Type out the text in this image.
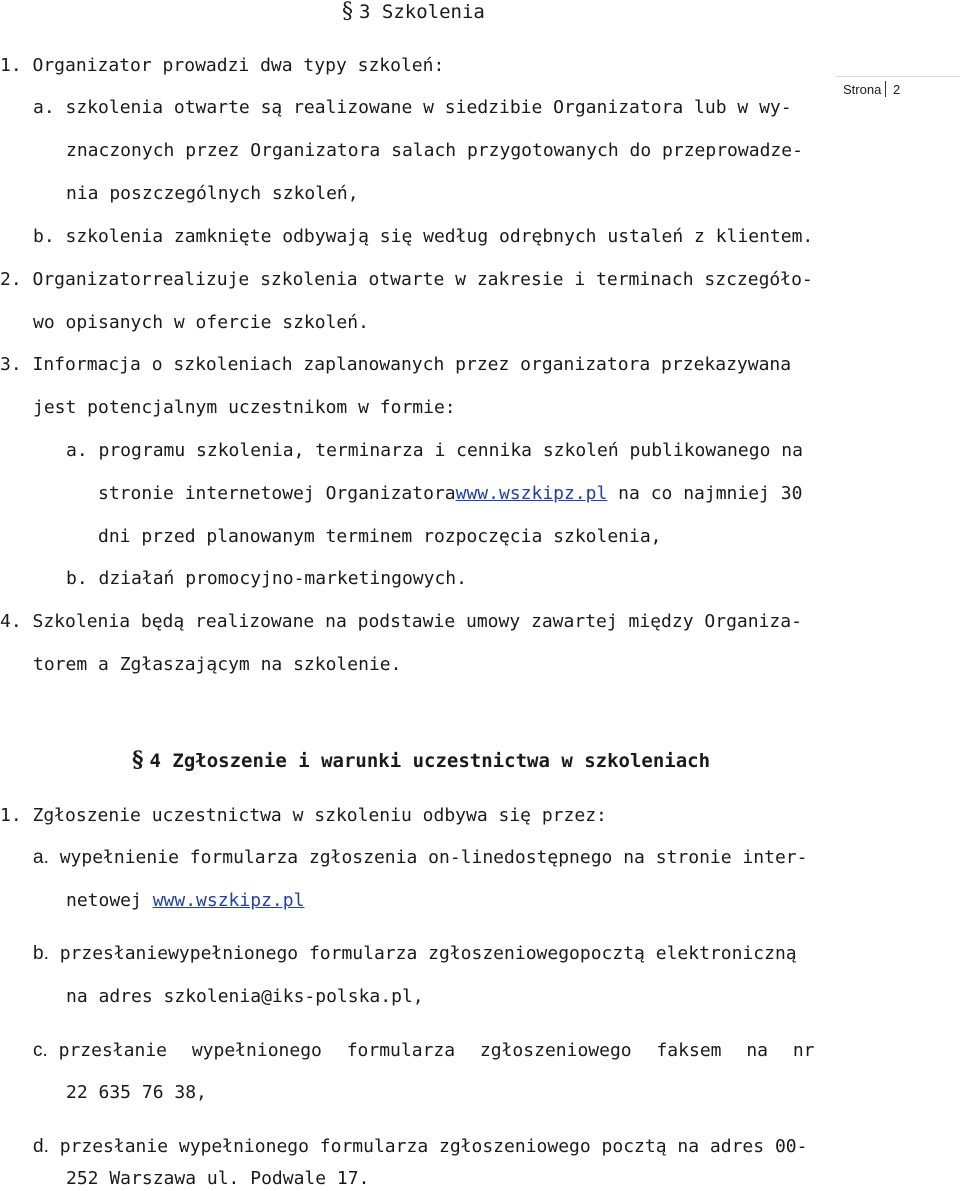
Strona 2
§ 3 Szkolenia
1. Organizator prowadzi dwa typy szkoleń:
a. szkolenia otwarte są realizowane w siedzibie Organizatora lub w wy-
znaczonych przez Organizatora salach przygotowanych do przeprowadze-
nia poszczególnych szkoleń,
b. szkolenia zamknięte odbywają się według odrębnych ustaleń z klientem.
2. Organizatorrealizuje szkolenia otwarte w zakresie i terminach szczegóło-
wo opisanych w ofercie szkoleń.
3. Informacja o szkoleniach zaplanowanych przez organizatora przekazywana
jest potencjalnym uczestnikom w formie:
a. programu szkolenia, terminarza i cennika szkoleń publikowanego na
stronie internetowej Organizatorawww.wszkipz.pl na co najmniej 30
dni przed planowanym terminem rozpoczęcia szkolenia,
b. działań promocyjno-marketingowych.
4. Szkolenia będą realizowane na podstawie umowy zawartej między Organiza-
torem a Zgłaszającym na szkolenie.
§ 4 Zgłoszenie i warunki uczestnictwa w szkoleniach
1. Zgłoszenie uczestnictwa w szkoleniu odbywa się przez:
a. wypełnienie formularza zgłoszenia on-linedostępnego na stronie inter-
netowej www.wszkipz.pl
b. przesłaniewypełnionego formularza zgłoszeniowegopocztą elektroniczną
na adres szkolenia@iks-polska.pl,
c. przesłanie wypełnionego formularza zgłoszeniowego faksem na nr
22 635 76 38,
d. przesłanie wypełnionego formularza zgłoszeniowego pocztą na adres 00-
252 Warszawa ul. Podwale 17.
